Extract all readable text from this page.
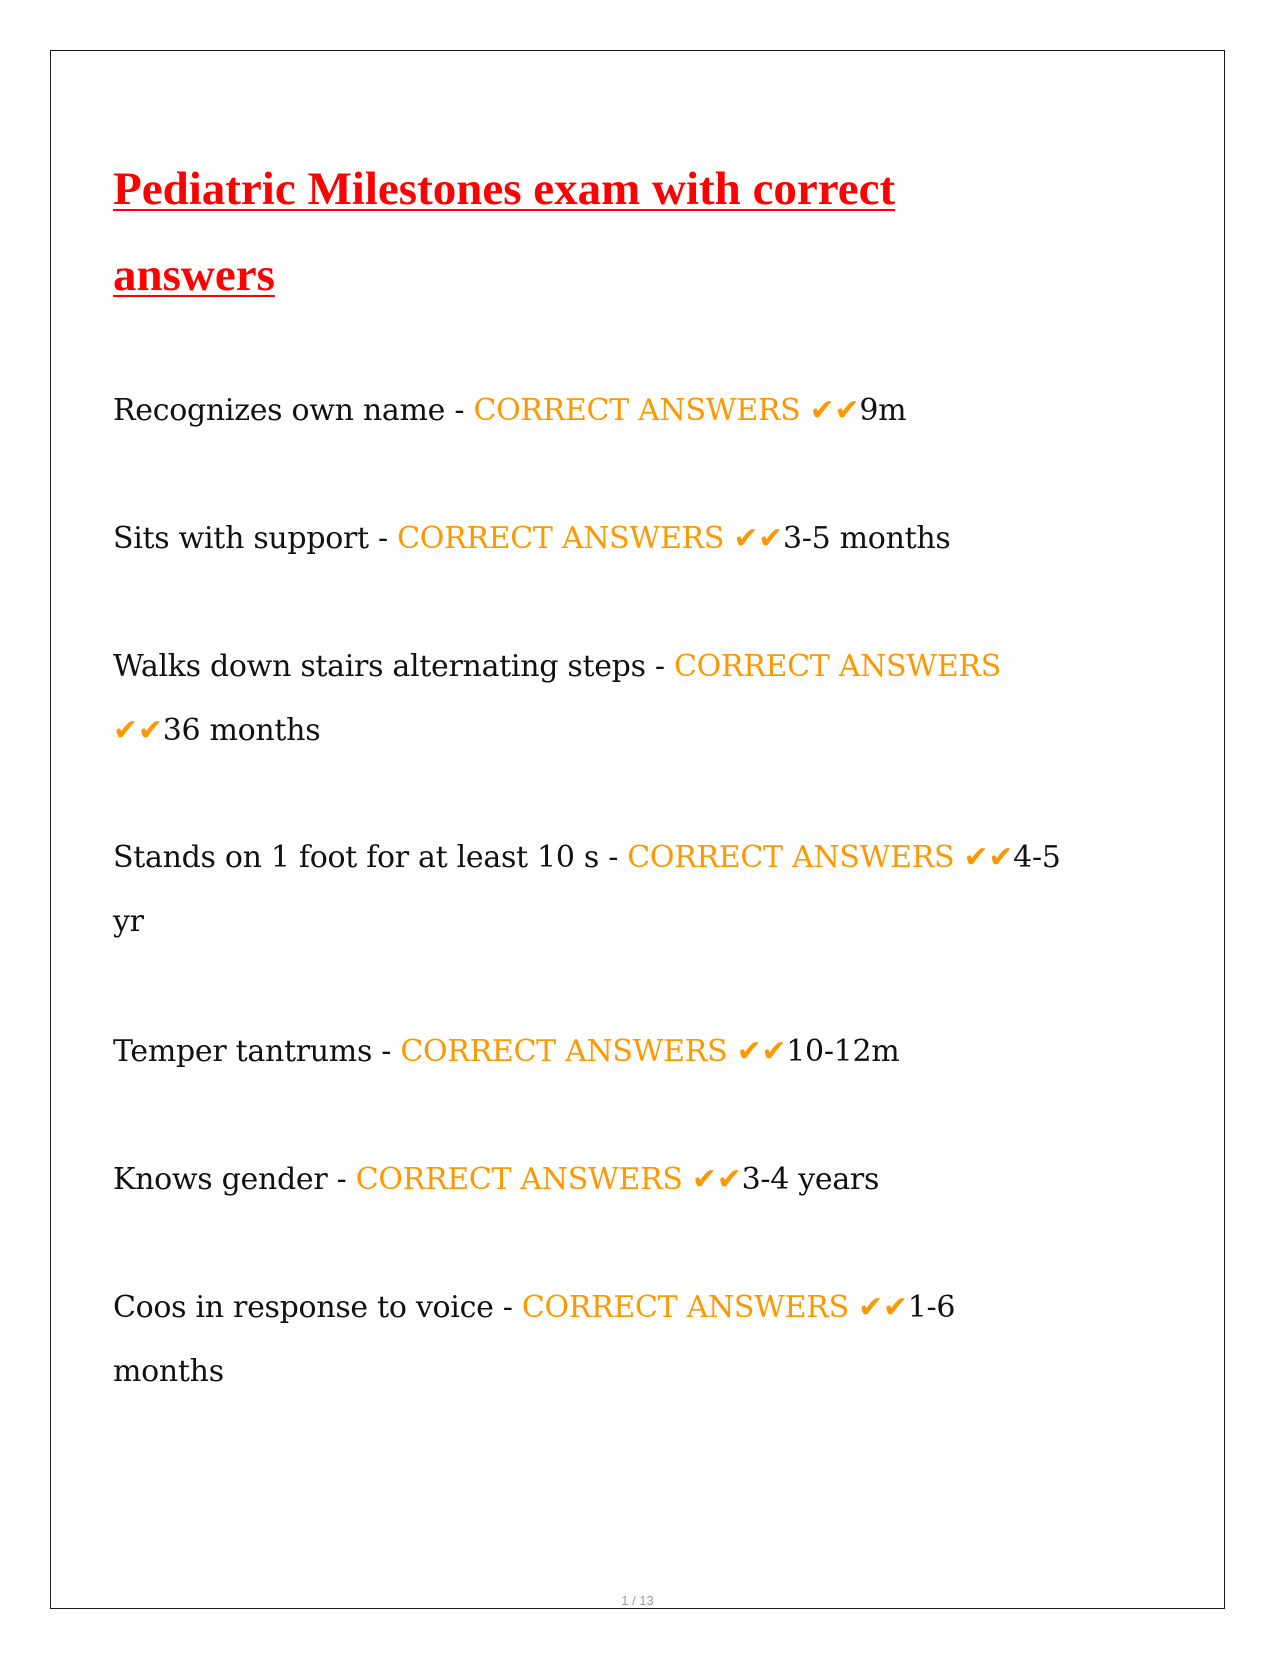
Pediatric Milestones exam with correct answers

Recognizes own name - CORRECT ANSWERS ✔✔9m

Sits with support - CORRECT ANSWERS ✔✔3-5 months

Walks down stairs alternating steps - CORRECT ANSWERS ✔✔36 months

Stands on 1 foot for at least 10 s - CORRECT ANSWERS ✔✔4-5 yr

Temper tantrums - CORRECT ANSWERS ✔✔10-12m

Knows gender - CORRECT ANSWERS ✔✔3-4 years

Coos in response to voice - CORRECT ANSWERS ✔✔1-6 months

1 / 13
